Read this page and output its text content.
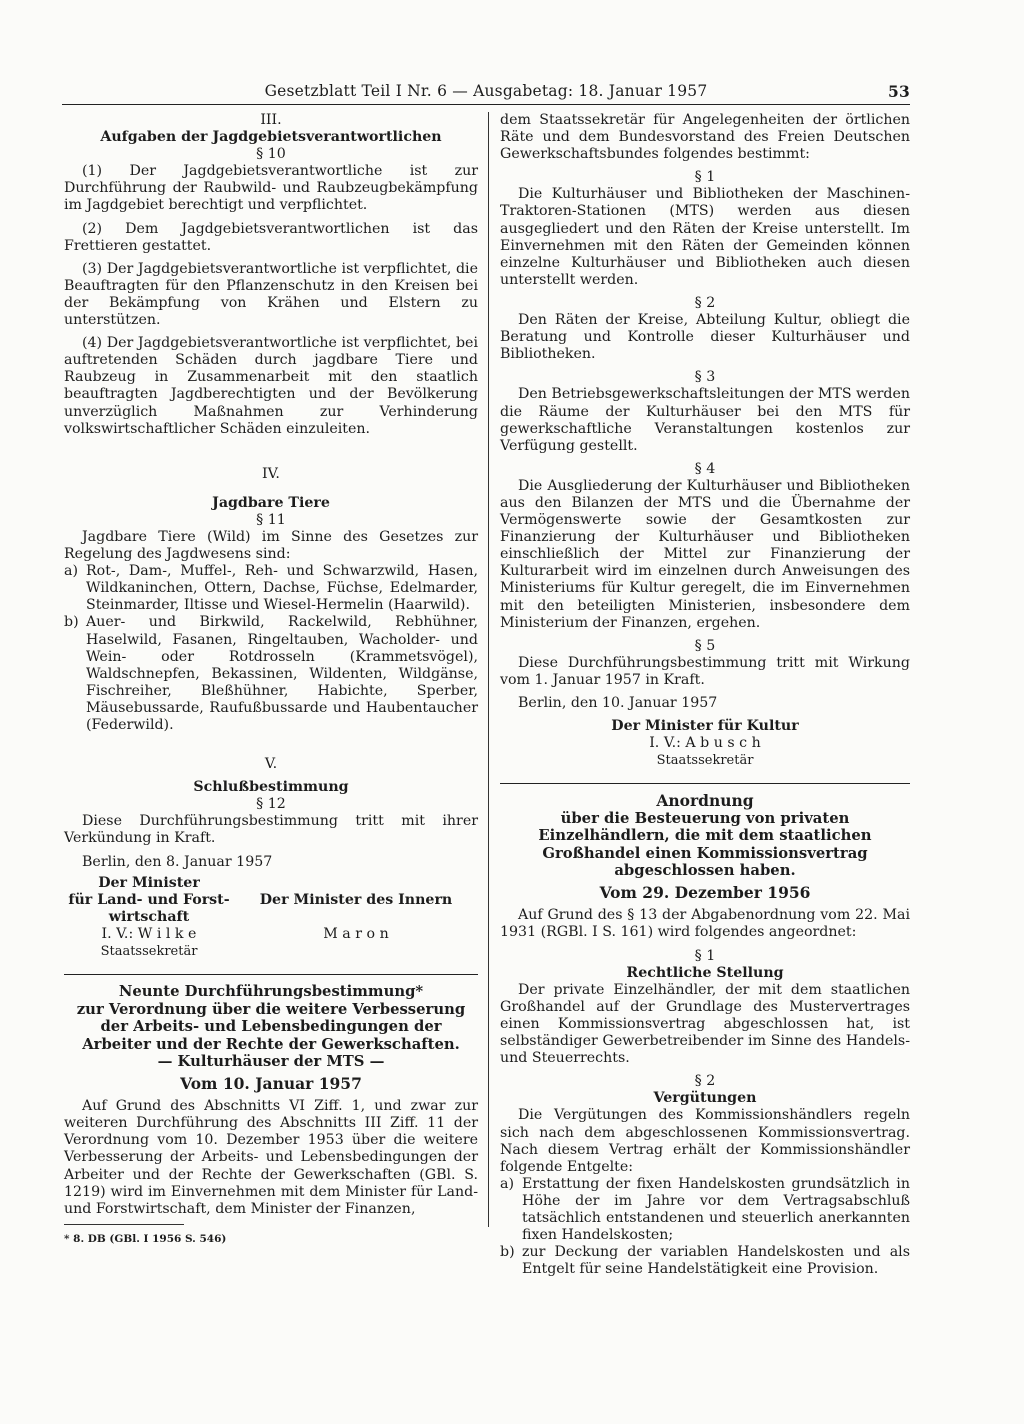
Gesetzblatt Teil I Nr. 6 — Ausgabetag: 18. Januar 1957	53

III.

Aufgaben der Jagdgebietsverantwortlichen

§ 10

(1) Der Jagdgebietsverantwortliche ist zur Durchführung der Raubwild- und Raubzeugbekämpfung im Jagdgebiet berechtigt und verpflichtet.

(2) Dem Jagdgebietsverantwortlichen ist das Frettieren gestattet.

(3) Der Jagdgebietsverantwortliche ist verpflichtet, die Beauftragten für den Pflanzenschutz in den Kreisen bei der Bekämpfung von Krähen und Elstern zu unterstützen.

(4) Der Jagdgebietsverantwortliche ist verpflichtet, bei auftretenden Schäden durch jagdbare Tiere und Raubzeug in Zusammenarbeit mit den staatlich beauftragten Jagdberechtigten und der Bevölkerung unverzüglich Maßnahmen zur Verhinderung volkswirtschaftlicher Schäden einzuleiten.

IV.

Jagdbare Tiere

§ 11

Jagdbare Tiere (Wild) im Sinne des Gesetzes zur Regelung des Jagdwesens sind:

a) Rot-, Dam-, Muffel-, Reh- und Schwarzwild, Hasen, Wildkaninchen, Ottern, Dachse, Füchse, Edelmarder, Steinmarder, Iltisse und Wiesel-Hermelin (Haarwild).
b) Auer- und Birkwild, Rackelwild, Rebhühner, Haselwild, Fasanen, Ringeltauben, Wacholder- und Wein- oder Rotdrosseln (Krammetsvögel), Waldschnepfen, Bekassinen, Wildenten, Wildgänse, Fischreiher, Bleßhühner, Habichte, Sperber, Mäusebussarde, Raufußbussarde und Haubentaucher (Federwild).

V.

Schlußbestimmung

§ 12

Diese Durchführungsbestimmung tritt mit ihrer Verkündung in Kraft.

Berlin, den 8. Januar 1957

Der Minister
für Land- und Forst-
wirtschaft
I. V.: W i l k e
Staatssekretär
Der Minister des Innern
M a r o n

Neunte Durchführungsbestimmung*

zur Verordnung über die weitere Verbesserung der Arbeits- und Lebensbedingungen der Arbeiter und der Rechte der Gewerkschaften.

— Kulturhäuser der MTS —

Vom 10. Januar 1957

Auf Grund des Abschnitts VI Ziff. 1, und zwar zur weiteren Durchführung des Abschnitts III Ziff. 11 der Verordnung vom 10. Dezember 1953 über die weitere Verbesserung der Arbeits- und Lebensbedingungen der Arbeiter und der Rechte der Gewerkschaften (GBl. S. 1219) wird im Einvernehmen mit dem Minister für Land- und Forstwirtschaft, dem Minister der Finanzen,

* 8. DB (GBl. I 1956 S. 546)

dem Staatssekretär für Angelegenheiten der örtlichen Räte und dem Bundesvorstand des Freien Deutschen Gewerkschaftsbundes folgendes bestimmt:

§ 1

Die Kulturhäuser und Bibliotheken der Maschinen-Traktoren-Stationen (MTS) werden aus diesen ausgegliedert und den Räten der Kreise unterstellt. Im Einvernehmen mit den Räten der Gemeinden können einzelne Kulturhäuser und Bibliotheken auch diesen unterstellt werden.

§ 2

Den Räten der Kreise, Abteilung Kultur, obliegt die Beratung und Kontrolle dieser Kulturhäuser und Bibliotheken.

§ 3

Den Betriebsgewerkschaftsleitungen der MTS werden die Räume der Kulturhäuser bei den MTS für gewerkschaftliche Veranstaltungen kostenlos zur Verfügung gestellt.

§ 4

Die Ausgliederung der Kulturhäuser und Bibliotheken aus den Bilanzen der MTS und die Übernahme der Vermögenswerte sowie der Gesamtkosten zur Finanzierung der Kulturhäuser und Bibliotheken einschließlich der Mittel zur Finanzierung der Kulturarbeit wird im einzelnen durch Anweisungen des Ministeriums für Kultur geregelt, die im Einvernehmen mit den beteiligten Ministerien, insbesondere dem Ministerium der Finanzen, ergehen.

§ 5

Diese Durchführungsbestimmung tritt mit Wirkung vom 1. Januar 1957 in Kraft.

Berlin, den 10. Januar 1957

Der Minister für Kultur
I. V.: A b u s c h
Staatssekretär

Anordnung

über die Besteuerung von privaten Einzelhändlern, die mit dem staatlichen Großhandel einen Kommissionsvertrag abgeschlossen haben.

Vom 29. Dezember 1956

Auf Grund des § 13 der Abgabenordnung vom 22. Mai 1931 (RGBl. I S. 161) wird folgendes angeordnet:

§ 1

Rechtliche Stellung

Der private Einzelhändler, der mit dem staatlichen Großhandel auf der Grundlage des Mustervertrages einen Kommissionsvertrag abgeschlossen hat, ist selbständiger Gewerbetreibender im Sinne des Handels- und Steuerrechts.

§ 2

Vergütungen

Die Vergütungen des Kommissionshändlers regeln sich nach dem abgeschlossenen Kommissionsvertrag. Nach diesem Vertrag erhält der Kommissionshändler folgende Entgelte:

a) Erstattung der fixen Handelskosten grundsätzlich in Höhe der im Jahre vor dem Vertragsabschluß tatsächlich entstandenen und steuerlich anerkannten fixen Handelskosten;
b) zur Deckung der variablen Handelskosten und als Entgelt für seine Handelstätigkeit eine Provision.
